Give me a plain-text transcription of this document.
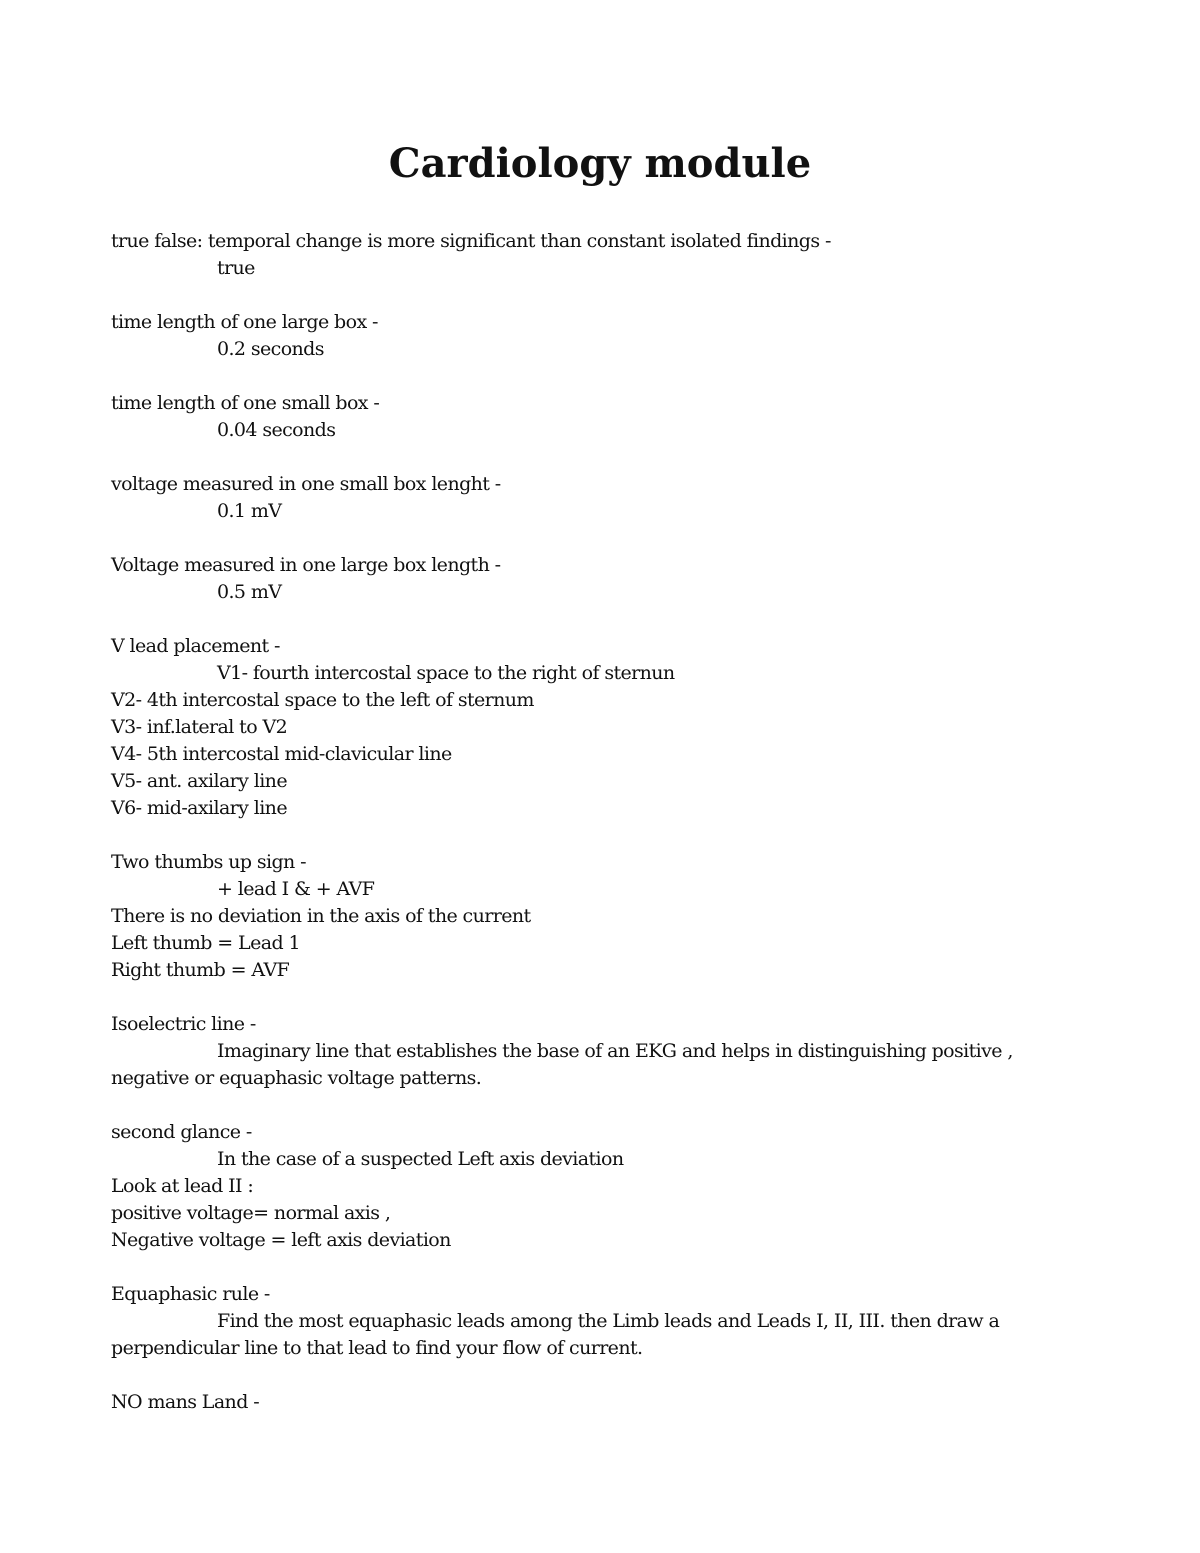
Cardiology module
true false: temporal change is more significant than constant isolated findings -
true
time length of one large box -
0.2 seconds
time length of one small box -
0.04 seconds
voltage measured in one small box lenght -
0.1 mV
Voltage measured in one large box length -
0.5 mV
V lead placement -
V1- fourth intercostal space to the right of sternun
V2- 4th intercostal space to the left of sternum
V3- inf.lateral to V2
V4- 5th intercostal mid-clavicular line
V5- ant. axilary line
V6- mid-axilary line
Two thumbs up sign -
+ lead I & + AVF
There is no deviation in the axis of the current
Left thumb = Lead 1
Right thumb = AVF
Isoelectric line -
Imaginary line that establishes the base of an EKG and helps in distinguishing positive , negative or equaphasic voltage patterns.
second glance -
In the case of a suspected Left axis deviation
Look at lead II :
positive voltage= normal axis ,
Negative voltage = left axis deviation
Equaphasic rule -
Find the most equaphasic leads among the Limb leads and Leads I, II, III. then draw a perpendicular line to that lead to find your flow of current.
NO mans Land -
